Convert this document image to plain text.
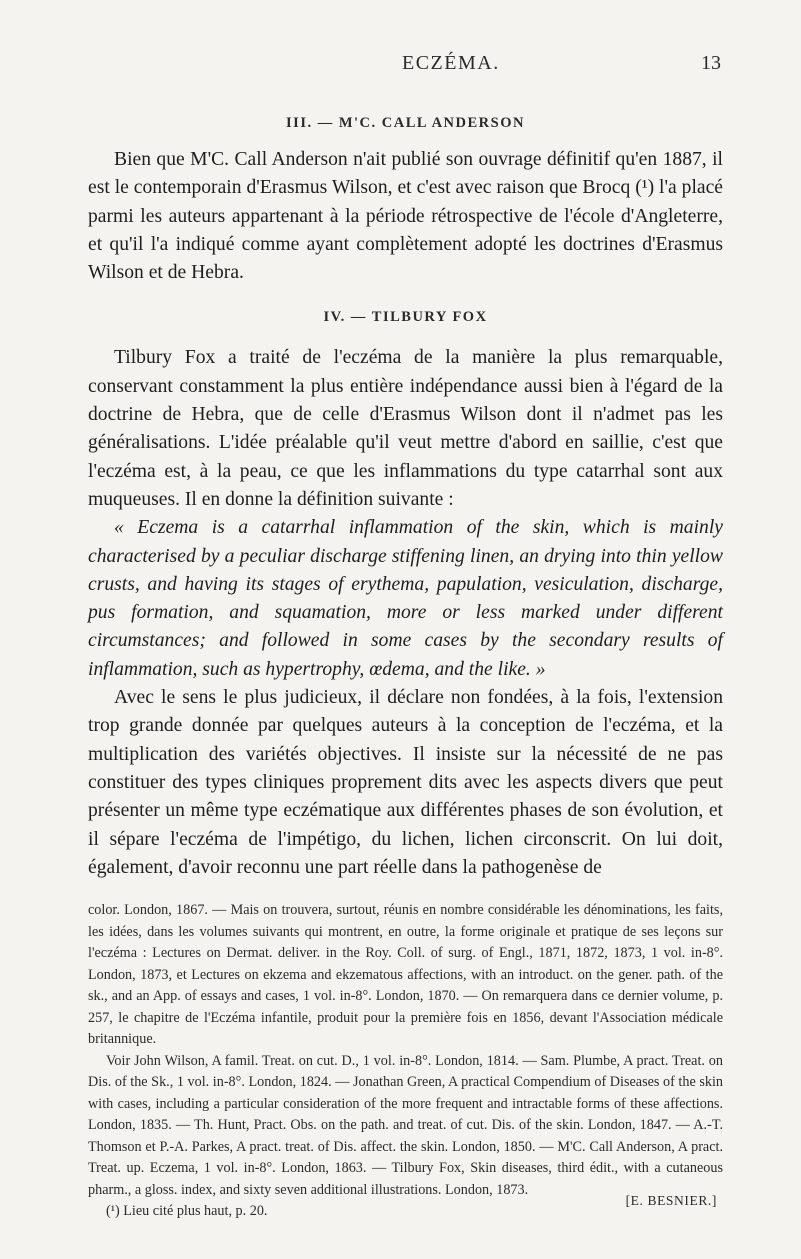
ECZÉMA.	13
III. — M'C. CALL ANDERSON

Bien que M'C. Call Anderson n'ait publié son ouvrage définitif qu'en 1887, il est le contemporain d'Erasmus Wilson, et c'est avec raison que Brocq (¹) l'a placé parmi les auteurs appartenant à la période rétrospective de l'école d'Angleterre, et qu'il l'a indiqué comme ayant complètement adopté les doctrines d'Erasmus Wilson et de Hebra.

IV. — TILBURY FOX

Tilbury Fox a traité de l'eczéma de la manière la plus remarquable, conservant constamment la plus entière indépendance aussi bien à l'égard de la doctrine de Hebra, que de celle d'Erasmus Wilson dont il n'admet pas les généralisations. L'idée préalable qu'il veut mettre d'abord en saillie, c'est que l'eczéma est, à la peau, ce que les inflammations du type catarrhal sont aux muqueuses. Il en donne la définition suivante :

« Eczema is a catarrhal inflammation of the skin, which is mainly characterised by a peculiar discharge stiffening linen, an drying into thin yellow crusts, and having its stages of erythema, papulation, vesiculation, discharge, pus formation, and squamation, more or less marked under different circumstances; and followed in some cases by the secondary results of inflammation, such as hypertrophy, œdema, and the like. »

Avec le sens le plus judicieux, il déclare non fondées, à la fois, l'extension trop grande donnée par quelques auteurs à la conception de l'eczéma, et la multiplication des variétés objectives. Il insiste sur la nécessité de ne pas constituer des types cliniques proprement dits avec les aspects divers que peut présenter un même type eczématique aux différentes phases de son évolution, et il sépare l'eczéma de l'impétigo, du lichen, lichen circonscrit. On lui doit, également, d'avoir reconnu une part réelle dans la pathogenèse de

color. London, 1867. — Mais on trouvera, surtout, réunis en nombre considérable les dénominations, les faits, les idées, dans les volumes suivants qui montrent, en outre, la forme originale et pratique de ses leçons sur l'eczéma : Lectures on Dermat. deliver. in the Roy. Coll. of surg. of Engl., 1871, 1872, 1873, 1 vol. in-8°. London, 1873, et Lectures on ekzema and ekzematous affections, with an introduct. on the gener. path. of the sk., and an App. of essays and cases, 1 vol. in-8°. London, 1870. — On remarquera dans ce dernier volume, p. 257, le chapitre de l'Eczéma infantile, produit pour la première fois en 1856, devant l'Association médicale britannique.

Voir John Wilson, A famil. Treat. on cut. D., 1 vol. in-8°. London, 1814. — Sam. Plumbe, A pract. Treat. on Dis. of the Sk., 1 vol. in-8°. London, 1824. — Jonathan Green, A practical Compendium of Diseases of the skin with cases, including a particular consideration of the more frequent and intractable forms of these affections. London, 1835. — Th. Hunt, Pract. Obs. on the path. and treat. of cut. Dis. of the skin. London, 1847. — A.-T. Thomson et P.-A. Parkes, A pract. treat. of Dis. affect. the skin. London, 1850. — M'C. Call Anderson, A pract. Treat. up. Eczema, 1 vol. in-8°. London, 1863. — Tilbury Fox, Skin diseases, third édit., with a cutaneous pharm., a gloss. index, and sixty seven additional illustrations. London, 1873.

(¹) Lieu cité plus haut, p. 20.

[E. BESNIER.]
